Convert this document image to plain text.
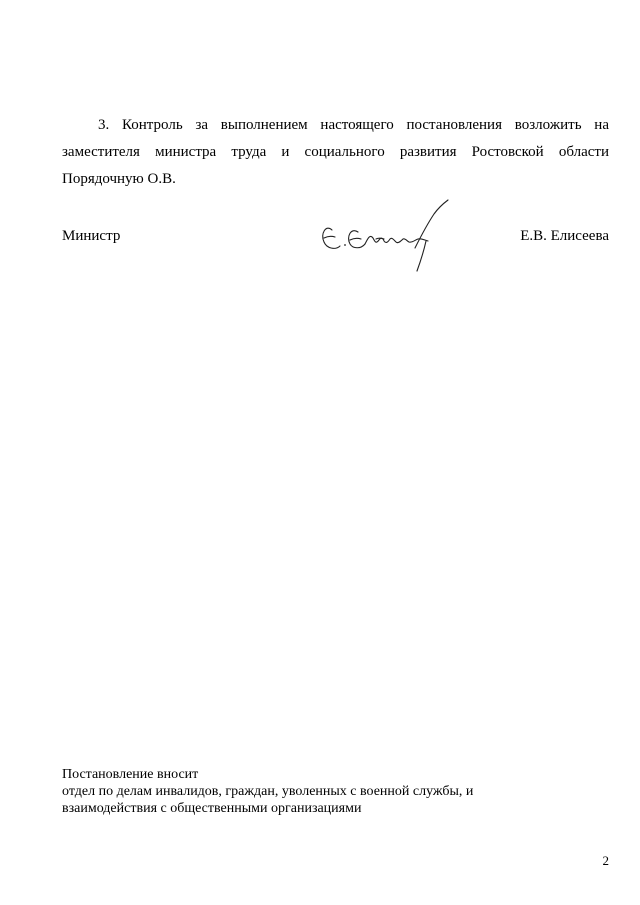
3. Контроль за выполнением настоящего постановления возложить на
заместителя министра труда и социального развития Ростовской области
Порядочную О.В.
Министр	Е.В. Елисеева
Постановление вносит
отдел по делам инвалидов, граждан, уволенных с военной службы, и
взаимодействия с общественными организациями
2
